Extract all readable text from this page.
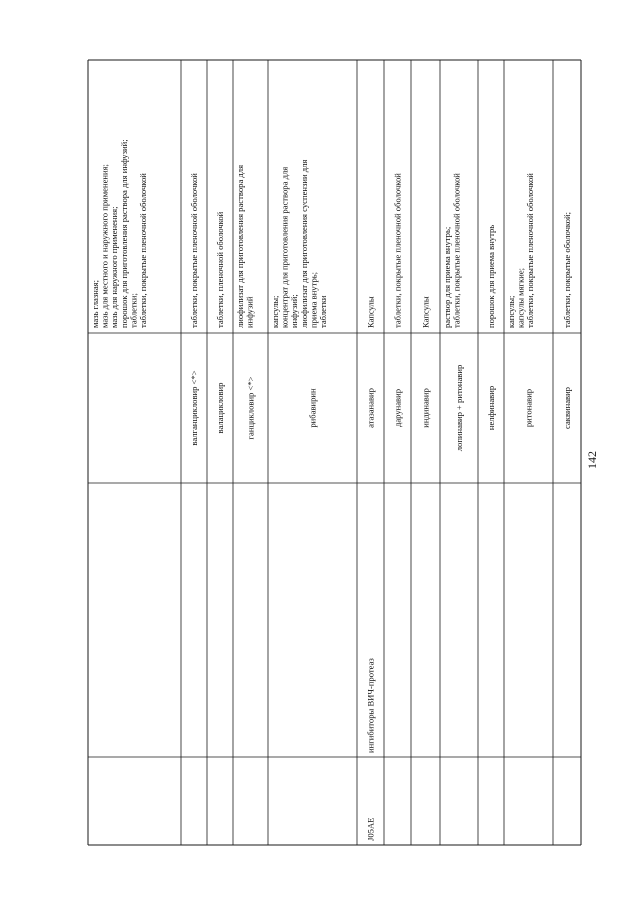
мазь глазная; мазь для местного и наружного применения; мазь для наружного применения; порошок для приготовления раствора для инфузий; таблетки; таблетки, покрытые пленочной оболочкой	таблетки, покрытые пленочной оболочкой
валганцикловир <*>
таблетки, пленочной оболочкой
валацикловир
лиофилизат для приготовления раствора для инфузий
ганцикловир <*>
капсулы; концентрат для приготовления раствора для инфузий; лиофилизат для приготовления суспензии для приема внутрь; таблетки
рибавирин
Капсулы
атазанавир
ингибиторы ВИЧ-протеаз
J05AE
таблетки, покрытые пленочной оболочкой
дарунавир
Капсулы
индинавир
раствор для приема внутрь; таблетки, покрытые пленочной оболочкой
лопинавир + ритонавир
порошок для приема внутрь
нелфинавир
капсулы; капсулы мягкие; таблетки, покрытые пленочной оболочкой
ритонавир
таблетки, покрытые оболочкой;
саквинавир
142
